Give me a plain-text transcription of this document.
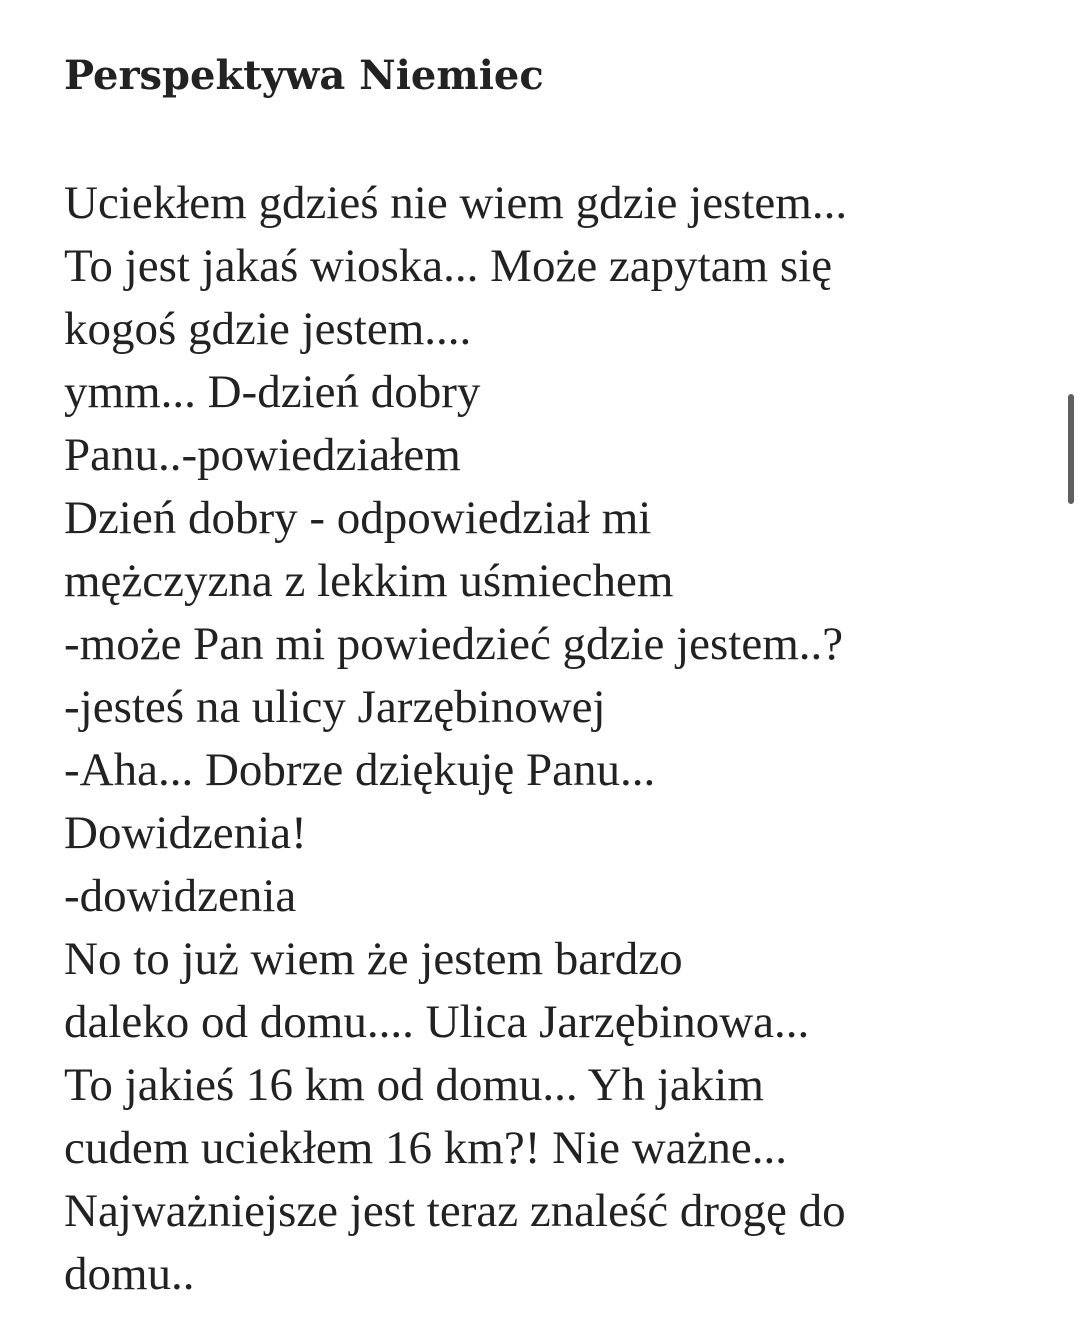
Perspektywa Niemiec
Uciekłem gdzieś nie wiem gdzie jestem...
To jest jakaś wioska... Może zapytam się
kogoś gdzie jestem....
ymm... D-dzień dobry
Panu..-powiedziałem
Dzień dobry - odpowiedział mi
mężczyzna z lekkim uśmiechem
-może Pan mi powiedzieć gdzie jestem..?
-jesteś na ulicy Jarzębinowej
-Aha... Dobrze dziękuję Panu...
Dowidzenia!
-dowidzenia
No to już wiem że jestem bardzo
daleko od domu.... Ulica Jarzębinowa...
To jakieś 16 km od domu... Yh jakim
cudem uciekłem 16 km?! Nie ważne...
Najważniejsze jest teraz znaleść drogę do
domu..
